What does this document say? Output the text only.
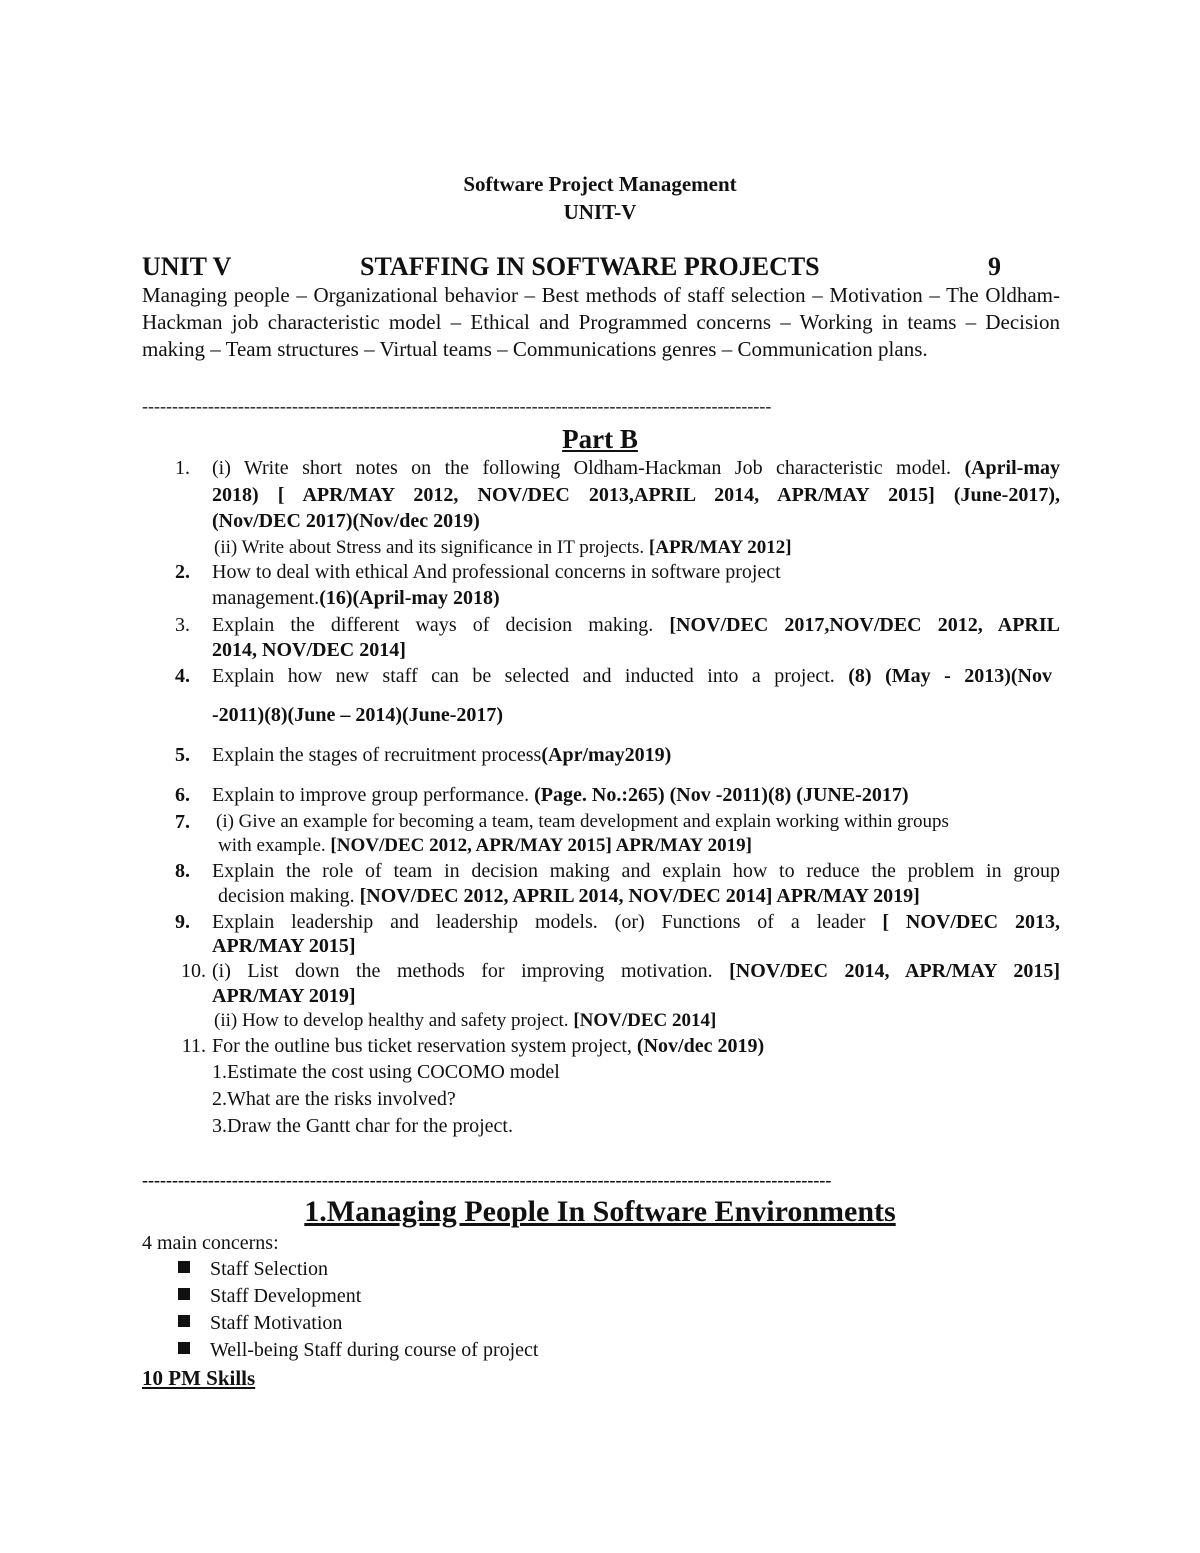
Software Project Management
UNIT-V
UNIT V	STAFFING IN SOFTWARE PROJECTS	9
Managing people – Organizational behavior – Best methods of staff selection – Motivation – The Oldham-Hackman job characteristic model – Ethical and Programmed concerns – Working in teams – Decision making – Team structures – Virtual teams – Communications genres – Communication plans.
---------------------------------------------------------------------------------------------------------
Part B
1. (i) Write short notes on the following Oldham-Hackman Job characteristic model. (April-may
2018) [ APR/MAY 2012, NOV/DEC 2013,APRIL 2014, APR/MAY 2015] (June-2017),
(Nov/DEC 2017)(Nov/dec 2019)
(ii) Write about Stress and its significance in IT projects. [APR/MAY 2012]
2. How to deal with ethical And professional concerns in software project
management.(16)(April-may 2018)
3. Explain the different ways of decision making. [NOV/DEC 2017,NOV/DEC 2012, APRIL
2014, NOV/DEC 2014]
4. Explain how new staff can be selected and inducted into a project. (8) (May - 2013)(Nov
-2011)(8)(June – 2014)(June-2017)
5. Explain the stages of recruitment process(Apr/may2019)
6. Explain to improve group performance. (Page. No.:265) (Nov -2011)(8) (JUNE-2017)
7. (i) Give an example for becoming a team, team development and explain working within groups
with example. [NOV/DEC 2012, APR/MAY 2015] APR/MAY 2019]
8. Explain the role of team in decision making and explain how to reduce the problem in group
decision making. [NOV/DEC 2012, APRIL 2014, NOV/DEC 2014] APR/MAY 2019]
9. Explain leadership and leadership models. (or) Functions of a leader [ NOV/DEC 2013,
APR/MAY 2015]
10. (i) List down the methods for improving motivation. [NOV/DEC 2014, APR/MAY 2015]
APR/MAY 2019]
(ii) How to develop healthy and safety project. [NOV/DEC 2014]
11. For the outline bus ticket reservation system project, (Nov/dec 2019)
1.Estimate the cost using COCOMO model
2.What are the risks involved?
3.Draw the Gantt char for the project.
-------------------------------------------------------------------------------------------------------------------
1.Managing People In Software Environments
4 main concerns:
Staff Selection
Staff Development
Staff Motivation
Well-being Staff during course of project
10 PM Skills
